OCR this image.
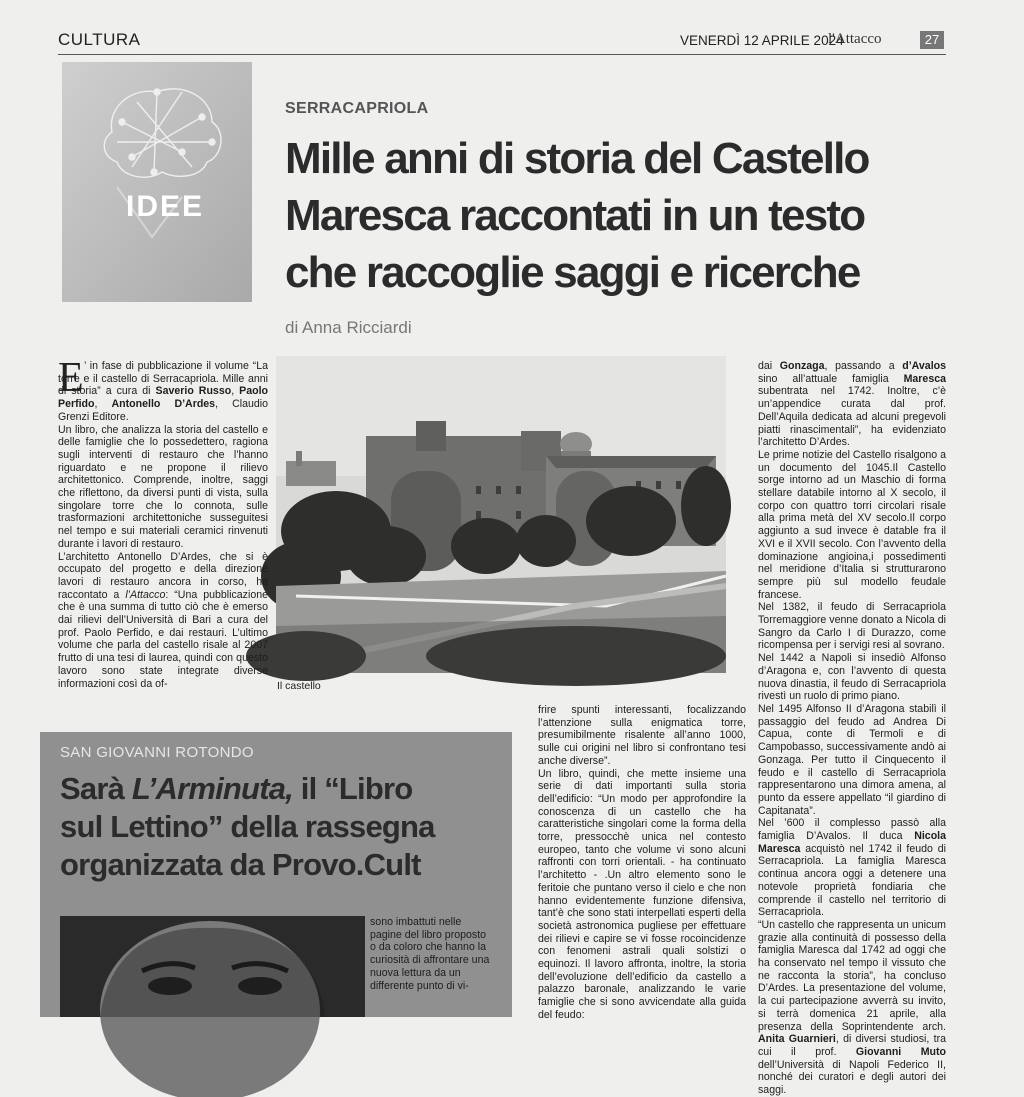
CULTURA	VENERDÌ 12 APRILE 2024
l'Attacco	27
IDEE
SERRACAPRIOLA
Mille anni di storia del Castello
Maresca raccontati in un testo
che raccoglie saggi e ricerche
di Anna Ricciardi
Il castello
E ’ in fase di pubblicazione il volume “La torre e il castello di Serracapriola. Mille anni di storia” a cura di Saverio Russo, Paolo Perfido, Antonello D’Ardes, Claudio Grenzi Editore.

Un libro, che analizza la storia del castello e delle famiglie che lo possedettero, ragiona sugli interventi di restauro che l’hanno riguardato e ne propone il rilievo architettonico. Comprende, inoltre, saggi che riflettono, da diversi punti di vista, sulla singolare torre che lo connota, sulle trasformazioni architettoniche susseguitesi nel tempo e sui materiali ceramici rinvenuti durante i lavori di restauro.

L’architetto Antonello D’Ardes, che si è occupato del progetto e della direzione lavori di restauro ancora in corso, ha raccontato a l’Attacco: “Una pubblicazione che è una summa di tutto ciò che è emerso dai rilievi dell’Università di Bari a cura del prof. Paolo Perfido, e dai restauri. L’ultimo volume che parla del castello risale al 2007 frutto di una tesi di laurea, quindi con questo lavoro sono state integrate diverse informazioni così da of-

frire spunti interessanti, focalizzando l’attenzione sulla enigmatica torre, presumibilmente risalente all’anno 1000, sulle cui origini nel libro si confrontano tesi anche diverse”.

Un libro, quindi, che mette insieme una serie di dati importanti sulla storia dell’edificio: “Un modo per approfondire la conoscenza di un castello che ha caratteristiche singolari come la forma della torre, pressocchè unica nel contesto europeo, tanto che volume vi sono alcuni raffronti con torri orientali. - ha continuato l’architetto - .Un altro elemento sono le feritoie che puntano verso il cielo e che non hanno evidentemente funzione difensiva, tant’è che sono stati interpellati esperti della società astronomica pugliese per effettuare dei rilievi e capire se vi fosse rocoincidenze con fenomeni astrali quali solstizi o equinozi. Il lavoro affronta, inoltre, la storia dell’evoluzione dell’edificio da castello a palazzo baronale, analizzando le varie famiglie che si sono avvicendate alla guida del feudo:

dai Gonzaga, passando a d’Avalos sino all’attuale famiglia Maresca subentrata nel 1742. Inoltre, c’è un’appendice curata dal prof. Dell’Aquila dedicata ad alcuni pregevoli piatti rinascimentali”, ha evidenziato l’architetto D’Ardes.

Le prime notizie del Castello risalgono a un documento del 1045.Il Castello sorge intorno ad un Maschio di forma stellare databile intorno al X secolo, il corpo con quattro torri circolari risale alla prima metà del XV secolo.Il corpo aggiunto a sud invece è datable fra il XVI e il XVII secolo. Con l’avvento della dominazione angioina,i possedimenti nel meridione d’Italia si strutturarono sempre più sul modello feudale francese.

Nel 1382, il feudo di Serracapriola Torremaggiore venne donato a Nicola di Sangro da Carlo I di Durazzo, come ricompensa per i servigi resi al sovrano.

Nel 1442 a Napoli si insediò Alfonso d’Aragona e, con l’avvento di questa nuova dinastia, il feudo di Serracapriola rivestì un ruolo di primo piano.

Nel 1495 Alfonso II d’Aragona stabilì il passaggio del feudo ad Andrea Di Capua, conte di Termoli e di Campobasso, successivamente andò ai Gonzaga. Per tutto il Cinquecento il feudo e il castello di Serracapriola rappresentarono una dimora amena, al punto da essere appellato “il giardino di Capitanata”.

Nel ’600 il complesso passò alla famiglia D’Avalos. Il duca Nicola Maresca acquistò nel 1742 il feudo di Serracapriola. La famiglia Maresca continua ancora oggi a detenere una notevole proprietà fondiaria che comprende il castello nel territorio di Serracapriola.

“Un castello che rappresenta un unicum grazie alla continuità di possesso della famiglia Maresca dal 1742 ad oggi che ha conservato nel tempo il vissuto che ne racconta la storia”, ha concluso D’Ardes. La presentazione del volume, la cui partecipazione avverrà su invito, si terrà domenica 21 aprile, alla presenza della Soprintendente arch. Anita Guarnieri, di diversi studiosi, tra cui il prof. Giovanni Muto dell’Università di Napoli Federico II, nonché dei curatori e degli autori dei saggi.

SAN GIOVANNI ROTONDO
Sarà L’Arminuta, il “Libro
sul Lettino” della rassegna
organizzata da Provo.Cult
sono imbattuti nelle pagine del libro proposto o da coloro che hanno la curiosità di affrontare una nuova lettura da un differente punto di vi-
